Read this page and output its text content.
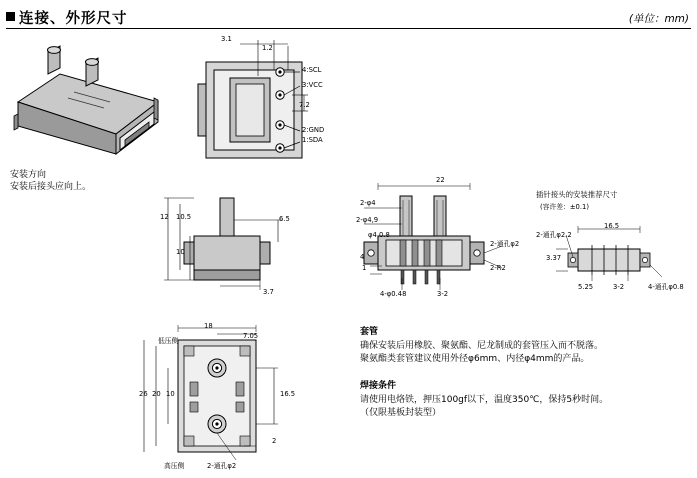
连接、外形尺寸	(单位：mm)
安装方向
安装后接头应向上。
3.1
1.2
7.2
4:SCL
3:VCC
2:GND
1:SDA
12 10.5
10
6.5
3.7
22
2-φ4
2-φ4,9
φ4,0.8
4
1
4-φ0.48	3-2
2-通孔φ2
2-R2
插针接头的安装推荐尺寸
(容许差：±0.1)
2-通孔φ2.2
16.5
3.37
5.25	3-2	4-通孔φ0.8
18
7.05
26 20 10	16.5
2
低压侧
高压侧	2-通孔φ2
套管
确保安装后用橡胶、聚氨酯、尼龙制成的套管压入而不脱落。
聚氨酯类套管建议使用外径φ6mm、内径φ4mm的产品。
焊接条件
请使用电烙铁，押压100gf以下，温度350℃，保持5秒时间。
（仅限基板封装型）
